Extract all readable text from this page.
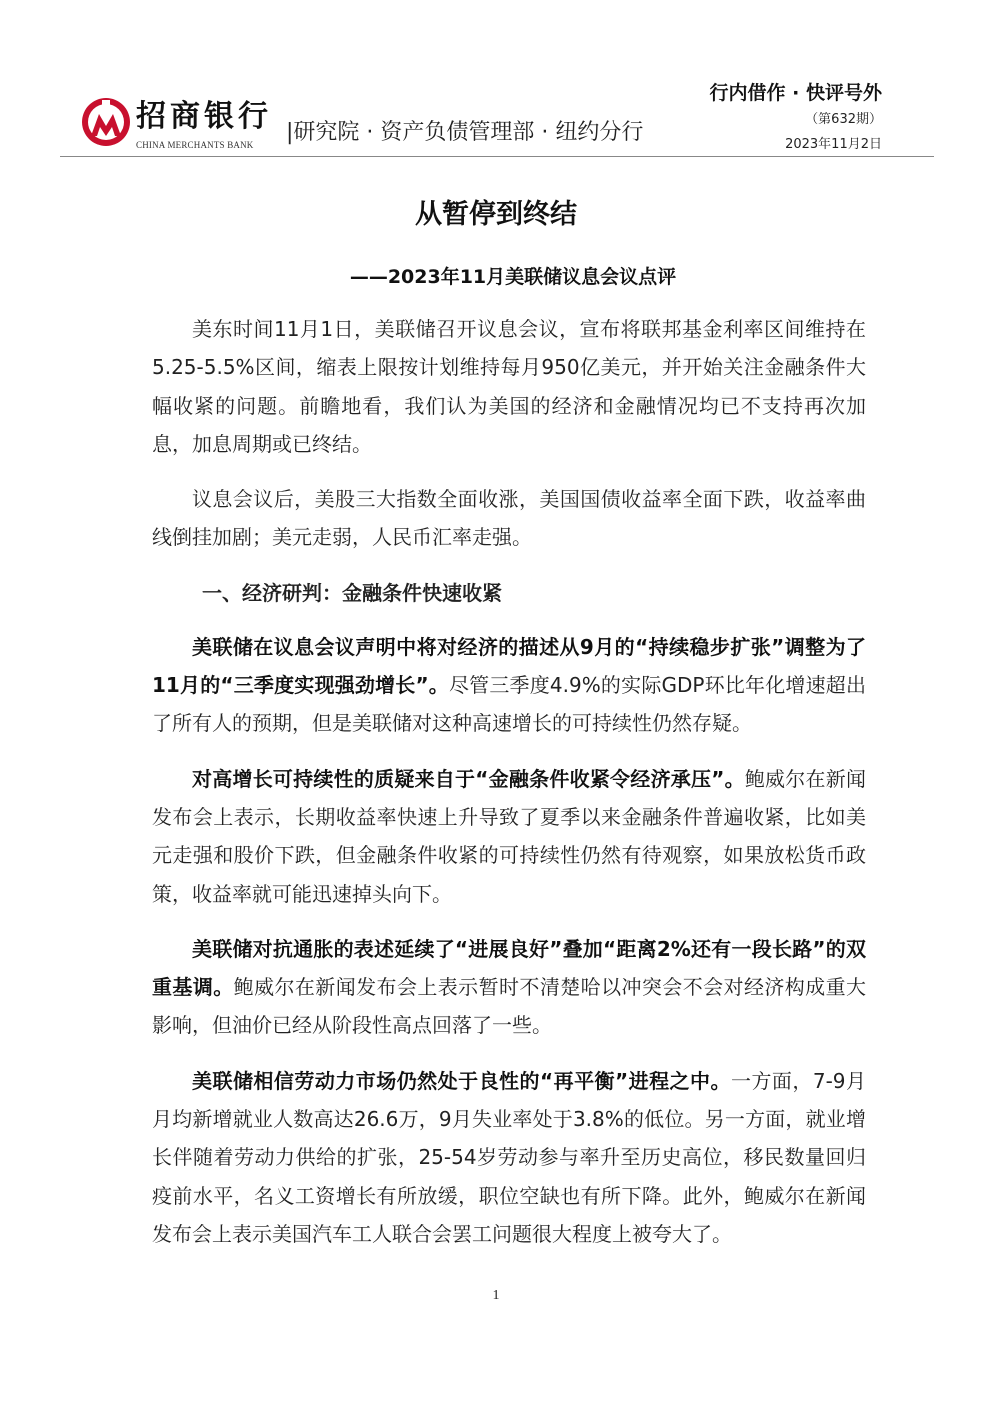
招商银行
CHINA MERCHANTS BANK |研究院 · 资产负债管理部 · 纽约分行
行内借作 · 快评号外
（第632期）
2023年11月2日
从暂停到终结
——2023年11月美联储议息会议点评

美东时间11月1日，美联储召开议息会议，宣布将联邦基金利率区间维持在5.25-5.5%区间，缩表上限按计划维持每月950亿美元，并开始关注金融条件大幅收紧的问题。前瞻地看，我们认为美国的经济和金融情况均已不支持再次加息，加息周期或已终结。

议息会议后，美股三大指数全面收涨，美国国债收益率全面下跌，收益率曲线倒挂加剧；美元走弱，人民币汇率走强。

一、经济研判：金融条件快速收紧

美联储在议息会议声明中将对经济的描述从9月的“持续稳步扩张”调整为了11月的“三季度实现强劲增长”。尽管三季度4.9%的实际GDP环比年化增速超出了所有人的预期，但是美联储对这种高速增长的可持续性仍然存疑。

对高增长可持续性的质疑来自于“金融条件收紧令经济承压”。鲍威尔在新闻发布会上表示，长期收益率快速上升导致了夏季以来金融条件普遍收紧，比如美元走强和股价下跌，但金融条件收紧的可持续性仍然有待观察，如果放松货币政策，收益率就可能迅速掉头向下。

美联储对抗通胀的表述延续了“进展良好”叠加“距离2%还有一段长路”的双重基调。鲍威尔在新闻发布会上表示暂时不清楚哈以冲突会不会对经济构成重大影响，但油价已经从阶段性高点回落了一些。

美联储相信劳动力市场仍然处于良性的“再平衡”进程之中。一方面，7-9月月均新增就业人数高达26.6万，9月失业率处于3.8%的低位。另一方面，就业增长伴随着劳动力供给的扩张，25-54岁劳动参与率升至历史高位，移民数量回归疫前水平，名义工资增长有所放缓，职位空缺也有所下降。此外，鲍威尔在新闻发布会上表示美国汽车工人联合会罢工问题很大程度上被夸大了。

1
